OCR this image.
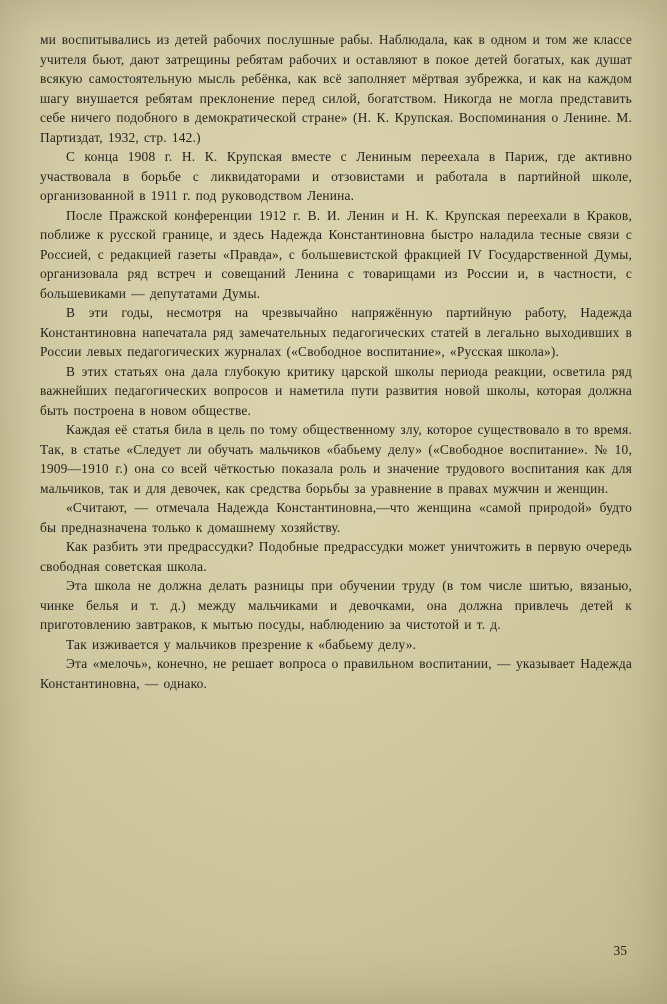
ми воспитывались из детей рабочих послушные рабы. Наблюдала, как в одном и том же классе учителя бьют, дают затрещины ребятам рабочих и оставляют в покое детей богатых, как душат всякую самостоятельную мысль ребёнка, как всё заполняет мёртвая зубрежка, и как на каждом шагу внушается ребятам преклонение перед силой, богатством. Никогда не могла представить себе ничего подобного в демократической стране» (Н. К. Крупская. Воспоминания о Ленине. М. Партиздат, 1932, стр. 142.)

С конца 1908 г. Н. К. Крупская вместе с Лениным переехала в Париж, где активно участвовала в борьбе с ликвидаторами и отзовистами и работала в партийной школе, организованной в 1911 г. под руководством Ленина.

После Пражской конференции 1912 г. В. И. Ленин и Н. К. Крупская переехали в Краков, поближе к русской границе, и здесь Надежда Константиновна быстро наладила тесные связи с Россией, с редакцией газеты «Правда», с большевистской фракцией IV Государственной Думы, организовала ряд встреч и совещаний Ленина с товарищами из России и, в частности, с большевиками — депутатами Думы.

В эти годы, несмотря на чрезвычайно напряжённую партийную работу, Надежда Константиновна напечатала ряд замечательных педагогических статей в легально выходивших в России левых педагогических журналах («Свободное воспитание», «Русская школа»).

В этих статьях она дала глубокую критику царской школы периода реакции, осветила ряд важнейших педагогических вопросов и наметила пути развития новой школы, которая должна быть построена в новом обществе.

Каждая её статья била в цель по тому общественному злу, которое существовало в то время. Так, в статье «Следует ли обучать мальчиков «бабьему делу» («Свободное воспитание». № 10, 1909—1910 г.) она со всей чёткостью показала роль и значение трудового воспитания как для мальчиков, так и для девочек, как средства борьбы за уравнение в правах мужчин и женщин.

«Считают, — отмечала Надежда Константиновна,—что женщина «самой природой» будто бы предназначена только к домашнему хозяйству.

Как разбить эти предрассудки? Подобные предрассудки может уничтожить в первую очередь свободная советская школа.

Эта школа не должна делать разницы при обучении труду (в том числе шитью, вязанью, чинке белья и т. д.) между мальчиками и девочками, она должна привлечь детей к приготовлению завтраков, к мытью посуды, наблюдению за чистотой и т. д.

Так изживается у мальчиков презрение к «бабьему делу».

Эта «мелочь», конечно, не решает вопроса о правильном воспитании, — указывает Надежда Константиновна, — однако.

35
